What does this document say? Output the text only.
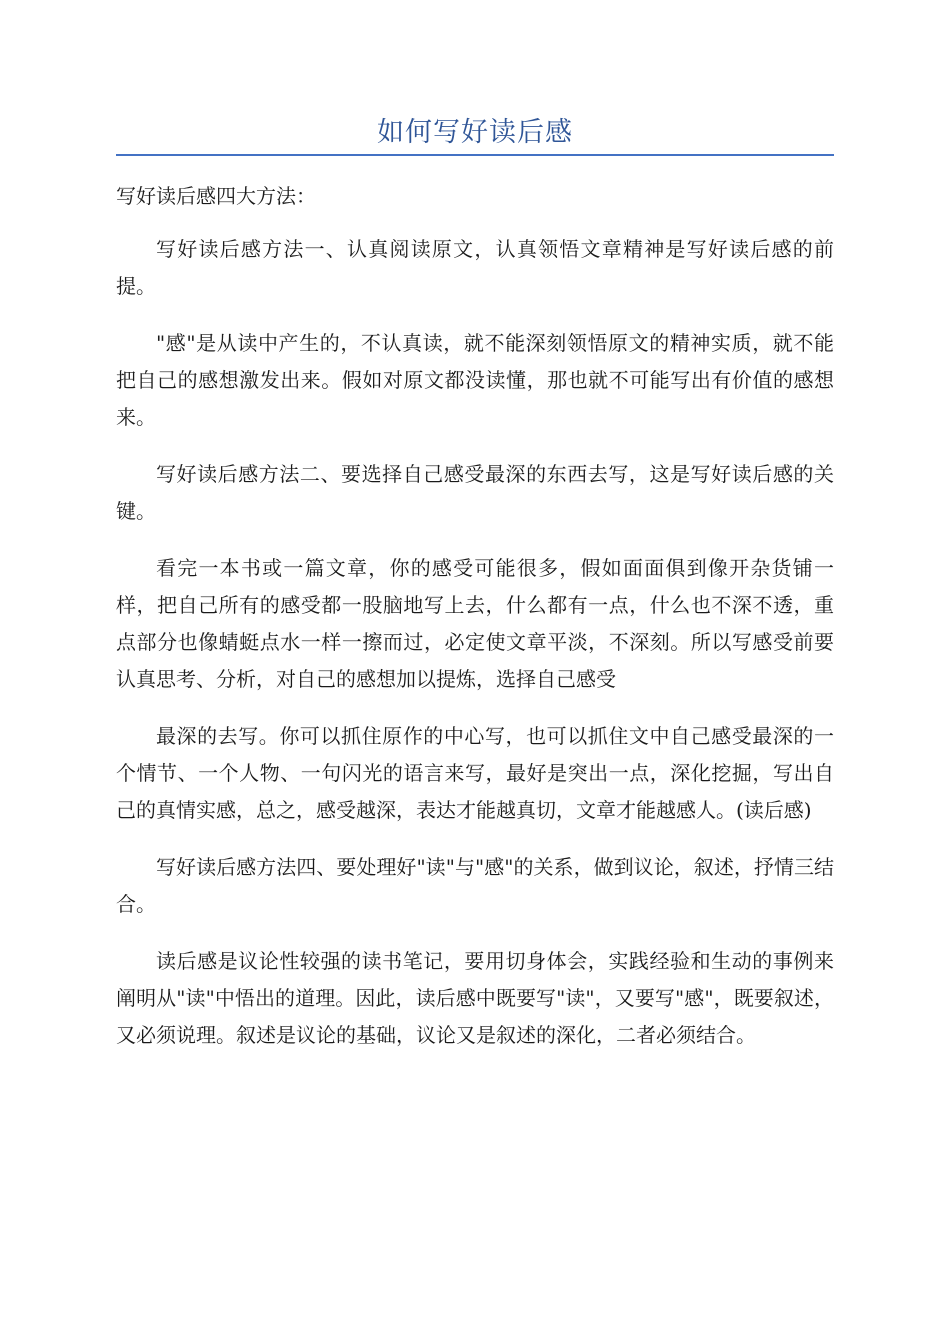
如何写好读后感
写好读后感四大方法：

写好读后感方法一、认真阅读原文，认真领悟文章精神是写好读后感的前提。

"感"是从读中产生的，不认真读，就不能深刻领悟原文的精神实质，就不能把自己的感想激发出来。假如对原文都没读懂，那也就不可能写出有价值的感想来。

写好读后感方法二、要选择自己感受最深的东西去写，这是写好读后感的关键。

看完一本书或一篇文章，你的感受可能很多，假如面面俱到像开杂货铺一样，把自己所有的感受都一股脑地写上去，什么都有一点，什么也不深不透，重点部分也像蜻蜓点水一样一擦而过，必定使文章平淡，不深刻。所以写感受前要认真思考、分析，对自己的感想加以提炼，选择自己感受

最深的去写。你可以抓住原作的中心写，也可以抓住文中自己感受最深的一个情节、一个人物、一句闪光的语言来写，最好是突出一点，深化挖掘，写出自己的真情实感，总之，感受越深，表达才能越真切，文章才能越感人。(读后感)

写好读后感方法四、要处理好"读"与"感"的关系，做到议论，叙述，抒情三结合。

读后感是议论性较强的读书笔记，要用切身体会，实践经验和生动的事例来阐明从"读"中悟出的道理。因此，读后感中既要写"读"，又要写"感"，既要叙述，又必须说理。叙述是议论的基础，议论又是叙述的深化，二者必须结合。
